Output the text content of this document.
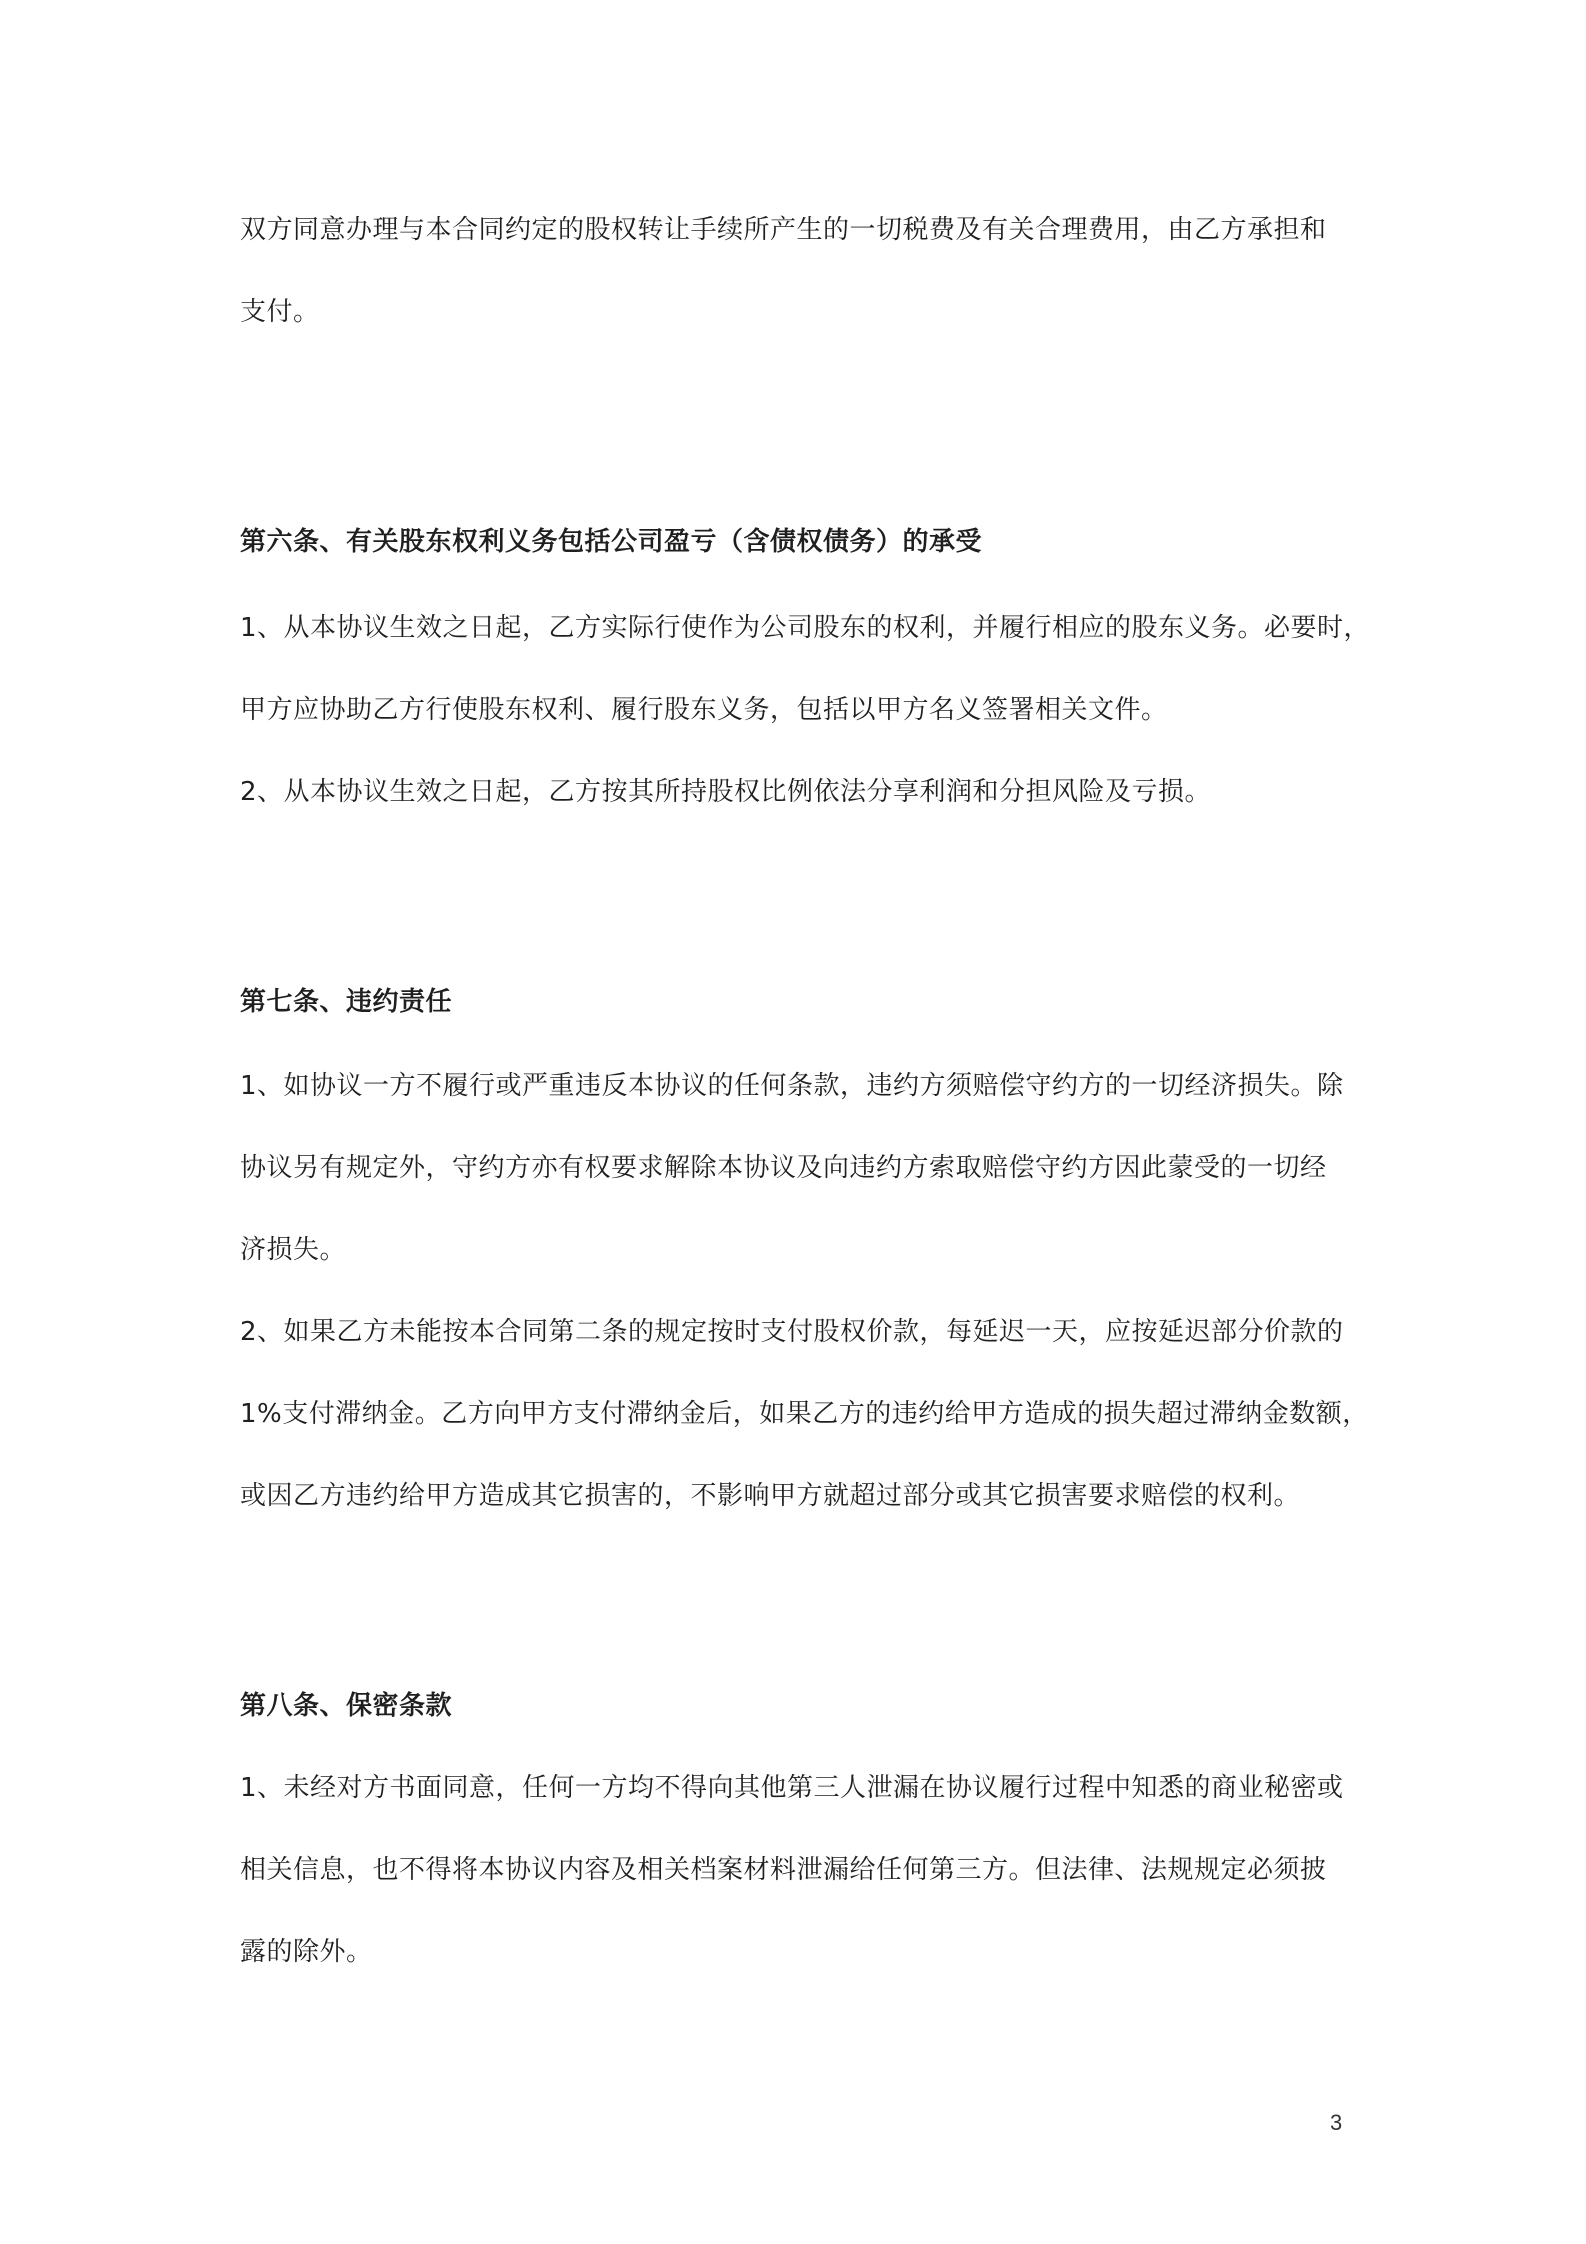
双方同意办理与本合同约定的股权转让手续所产生的一切税费及有关合理费用，由乙方承担和
支付。
第六条、有关股东权利义务包括公司盈亏（含债权债务）的承受
1、从本协议生效之日起，乙方实际行使作为公司股东的权利，并履行相应的股东义务。必要时，
甲方应协助乙方行使股东权利、履行股东义务，包括以甲方名义签署相关文件。
2、从本协议生效之日起，乙方按其所持股权比例依法分享利润和分担风险及亏损。
第七条、违约责任
1、如协议一方不履行或严重违反本协议的任何条款，违约方须赔偿守约方的一切经济损失。除
协议另有规定外，守约方亦有权要求解除本协议及向违约方索取赔偿守约方因此蒙受的一切经
济损失。
2、如果乙方未能按本合同第二条的规定按时支付股权价款，每延迟一天，应按延迟部分价款的
1%支付滞纳金。乙方向甲方支付滞纳金后，如果乙方的违约给甲方造成的损失超过滞纳金数额，
或因乙方违约给甲方造成其它损害的，不影响甲方就超过部分或其它损害要求赔偿的权利。
第八条、保密条款
1、未经对方书面同意，任何一方均不得向其他第三人泄漏在协议履行过程中知悉的商业秘密或
相关信息，也不得将本协议内容及相关档案材料泄漏给任何第三方。但法律、法规规定必须披
露的除外。
3
